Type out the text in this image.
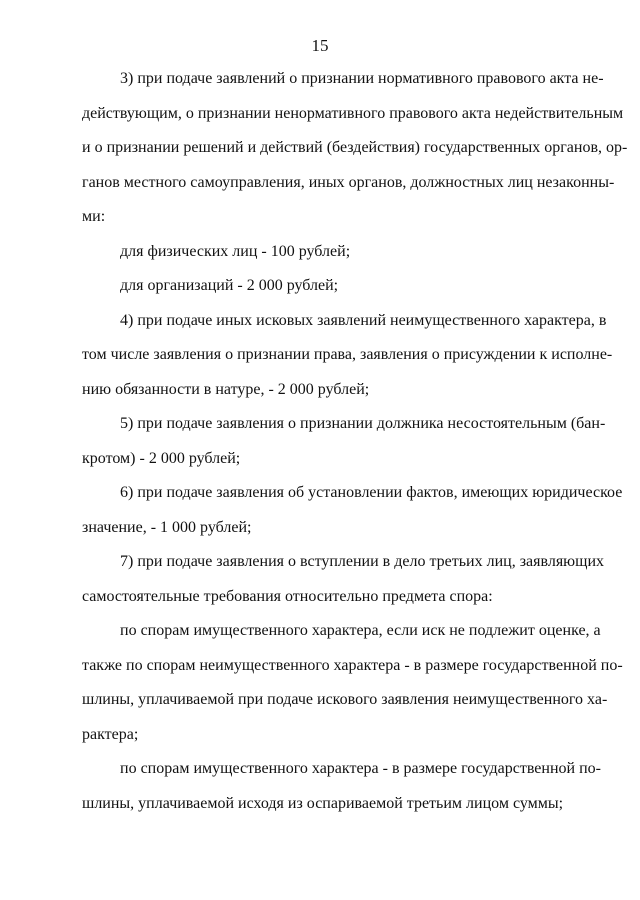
15
3) при подаче заявлений о признании нормативного правового акта не-
действующим, о признании ненормативного правового акта недействительным
и о признании решений и действий (бездействия) государственных органов, ор-
ганов местного самоуправления, иных органов, должностных лиц незаконны-
ми:
для физических лиц - 100 рублей;
для организаций - 2 000 рублей;
4) при подаче иных исковых заявлений неимущественного характера, в
том числе заявления о признании права, заявления о присуждении к исполне-
нию обязанности в натуре, - 2 000 рублей;
5) при подаче заявления о признании должника несостоятельным (бан-
кротом) - 2 000 рублей;
6) при подаче заявления об установлении фактов, имеющих юридическое
значение, - 1 000 рублей;
7) при подаче заявления о вступлении в дело третьих лиц, заявляющих
самостоятельные требования относительно предмета спора:
по спорам имущественного характера, если иск не подлежит оценке, а
также по спорам неимущественного характера - в размере государственной по-
шлины, уплачиваемой при подаче искового заявления неимущественного ха-
рактера;
по спорам имущественного характера - в размере государственной по-
шлины, уплачиваемой исходя из оспариваемой третьим лицом суммы;
